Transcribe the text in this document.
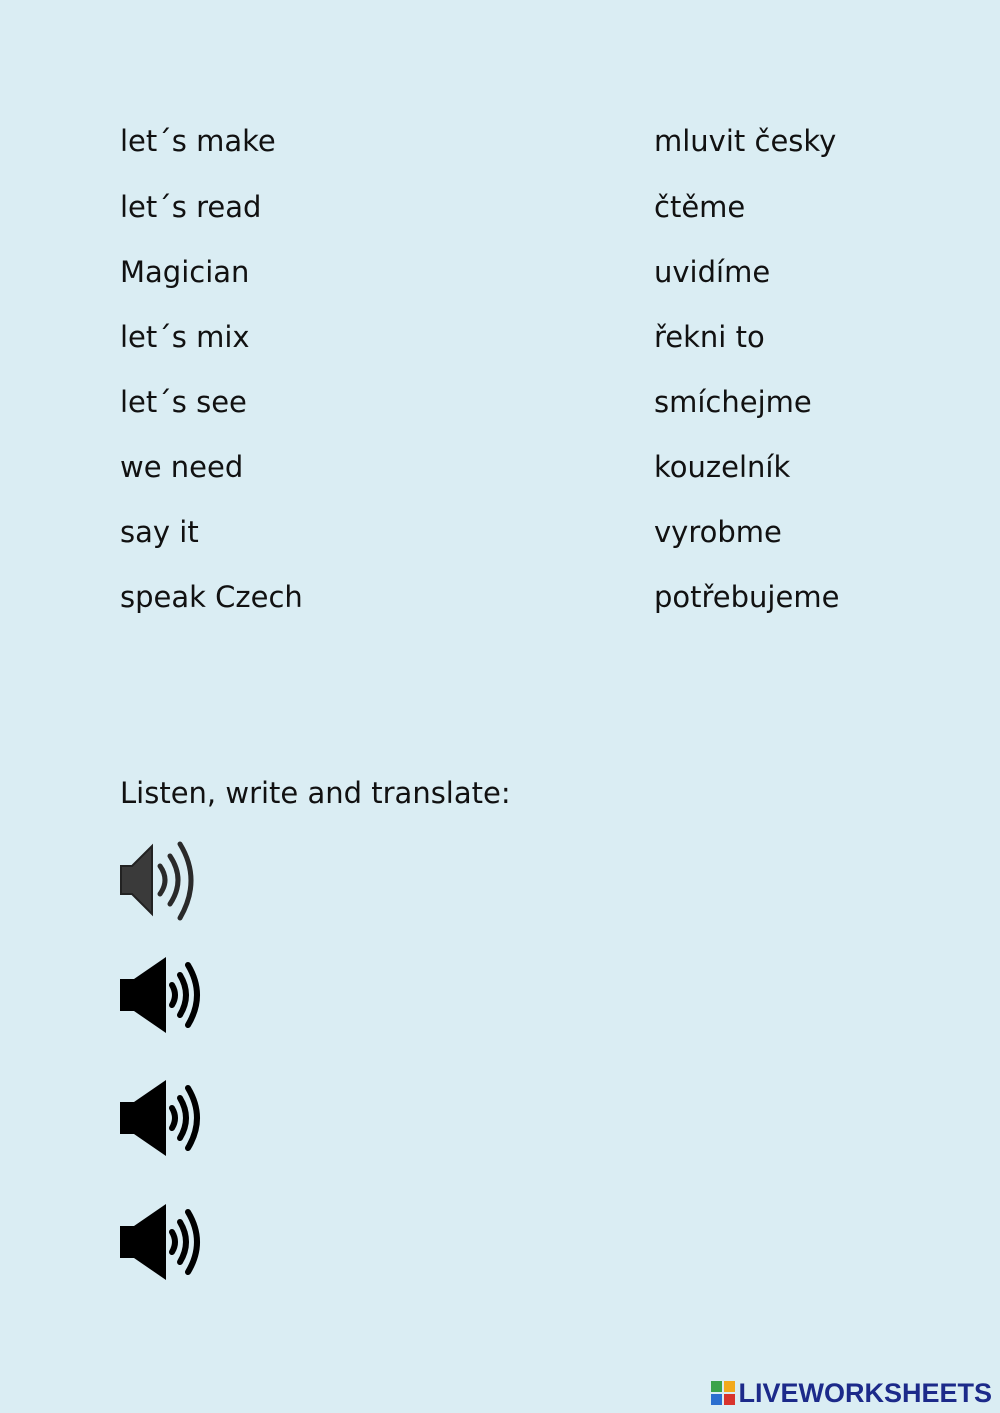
let´s make
let´s read
Magician
let´s mix
let´s see
we need
say it
speak Czech
mluvit česky
čtěme
uvidíme
řekni to
smíchejme
kouzelník
vyrobme
potřebujeme
Listen, write and translate:
LIVEWORKSHEETS
